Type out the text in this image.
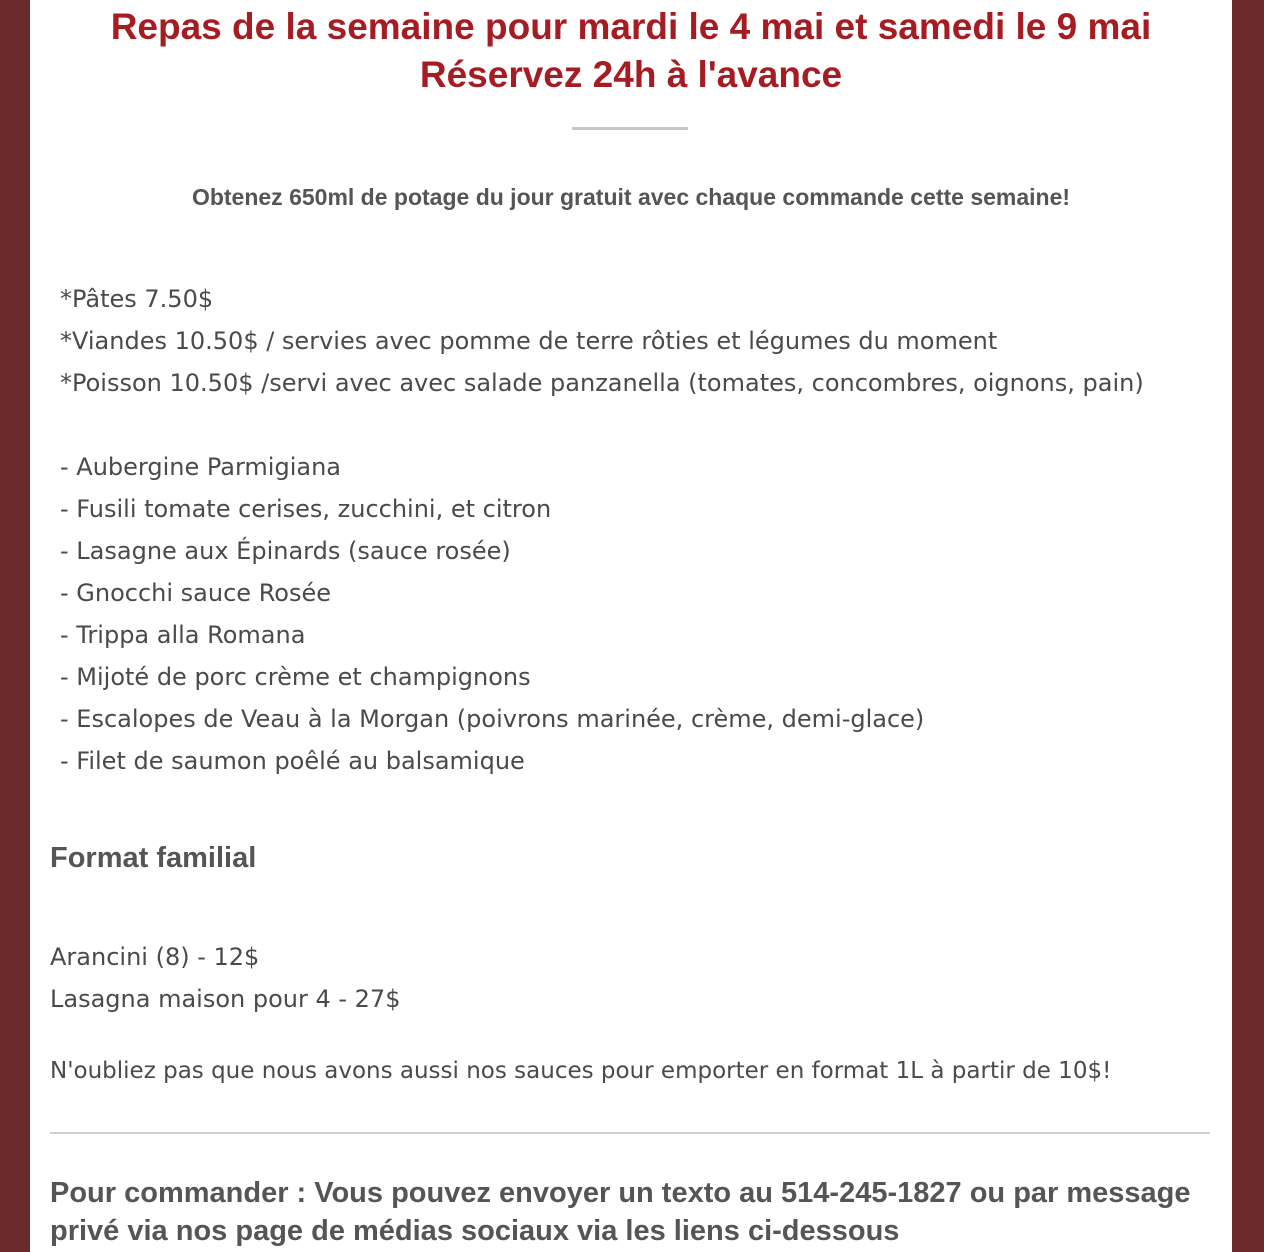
Repas de la semaine pour mardi le 4 mai et samedi le 9 mai
Réservez 24h à l'avance

Obtenez 650ml de potage du jour gratuit avec chaque commande cette semaine!

*Pâtes 7.50$
*Viandes 10.50$ / servies avec pomme de terre rôties et légumes du moment
*Poisson 10.50$ /servi avec avec salade panzanella (tomates, concombres, oignons, pain)
- Aubergine Parmigiana
- Fusili tomate cerises, zucchini, et citron
- Lasagne aux Épinards (sauce rosée)
- Gnocchi sauce Rosée
- Trippa alla Romana
- Mijoté de porc crème et champignons
- Escalopes de Veau à la Morgan (poivrons marinée, crème, demi-glace)
- Filet de saumon poêlé au balsamique
Format familial
Arancini (8) - 12$
Lasagna maison pour 4 - 27$

N'oubliez pas que nous avons aussi nos sauces pour emporter en format 1L à partir de 10$!

Pour commander : Vous pouvez envoyer un texto au 514-245-1827 ou par message privé via nos page de médias sociaux via les liens ci-dessous
